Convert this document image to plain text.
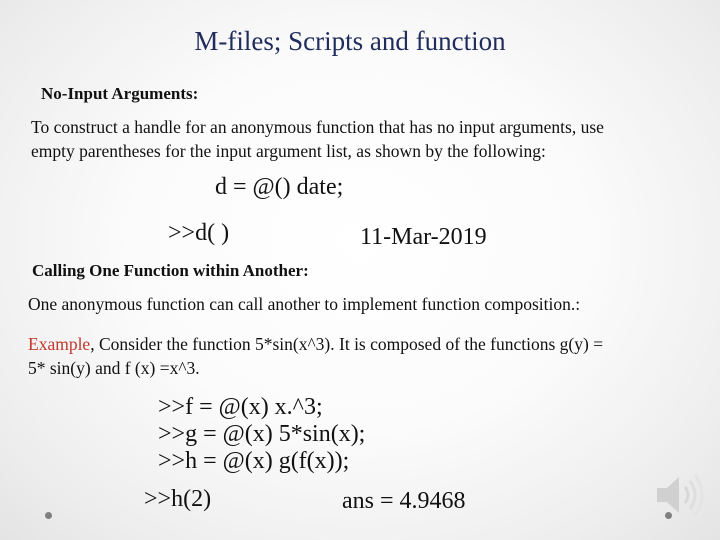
M-files; Scripts and function
No-Input Arguments:
To construct a handle for an anonymous function that has no input arguments, use
empty parentheses for the input argument list, as shown by the following:
d = @() date;
>>d( )	11-Mar-2019
Calling One Function within Another:
One anonymous function can call another to implement function composition.:
Example, Consider the function 5*sin(x^3). It is composed of the functions g(y) =
5* sin(y) and f (x) =x^3.
>>f = @(x) x.^3;
>>g = @(x) 5*sin(x);
>>h = @(x) g(f(x));
>>h(2)	ans = 4.9468
